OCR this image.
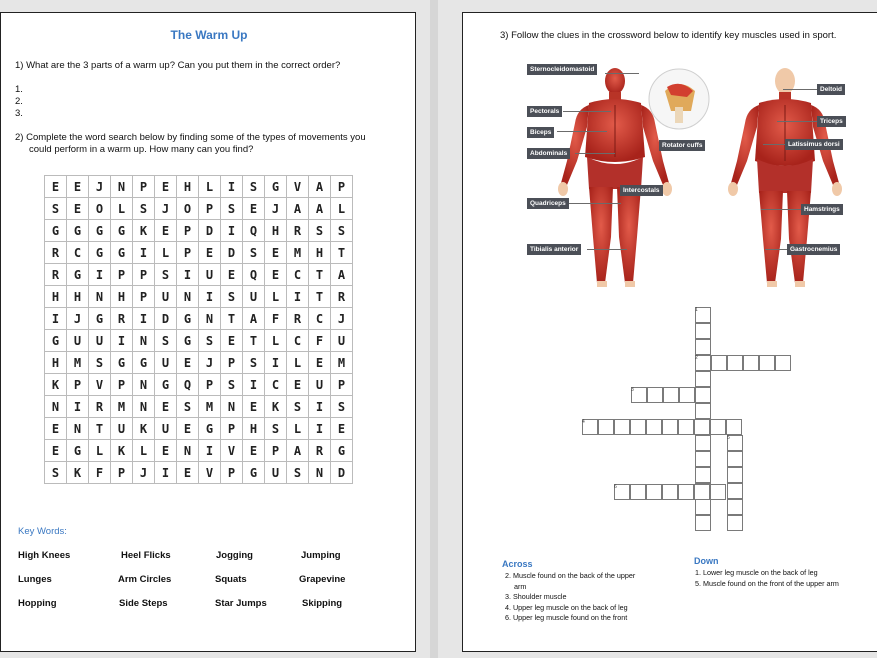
The Warm Up
1) What are the 3 parts of a warm up? Can you put them in the correct order?
1.
2.
3.
2) Complete the word search below by finding some of the types of movements you
could perform in a warm up. How many can you find?
E	E	J	N	P	E	H	L	I	S	G	V	A	P
S	E	O	L	S	J	O	P	S	E	J	A	A	L
G	G	G	G	K	E	P	D	I	Q	H	R	S	S
R	C	G	G	I	L	P	E	D	S	E	M	H	T
R	G	I	P	P	S	I	U	E	Q	E	C	T	A
H	H	N	H	P	U	N	I	S	U	L	I	T	R
I	J	G	R	I	D	G	N	T	A	F	R	C	J
G	U	U	I	N	S	G	S	E	T	L	C	F	U
H	M	S	G	G	U	E	J	P	S	I	L	E	M
K	P	V	P	N	G	Q	P	S	I	C	E	U	P
N	I	R	M	N	E	S	M	N	E	K	S	I	S
E	N	T	U	K	U	E	G	P	H	S	L	I	E
E	G	L	K	L	E	N	I	V	E	P	A	R	G
S	K	F	P	J	I	E	V	P	G	U	S	N	D
Key Words:
High Knees	Heel Flicks	Jogging	Jumping
Lunges	Arm Circles	Squats	Grapevine
Hopping	Side Steps	Star Jumps	Skipping
3) Follow the clues in the crossword below to identify key muscles used in sport.
Sternocleidomastoid
Pectorals
Biceps
Abdominals
Rotator cuffs
Intercostals
Quadriceps
Tibialis anterior
Deltoid
Triceps
Latissimus dorsi
Hamstrings
Gastrocnemius
1
2
3
4
5
6
Across
2. Muscle found on the back of the upper
arm
3. Shoulder muscle
4. Upper leg muscle on the back of leg
6. Upper leg muscle found on the front
Down
1. Lower leg muscle on the back of leg
5. Muscle found on the front of the upper arm
